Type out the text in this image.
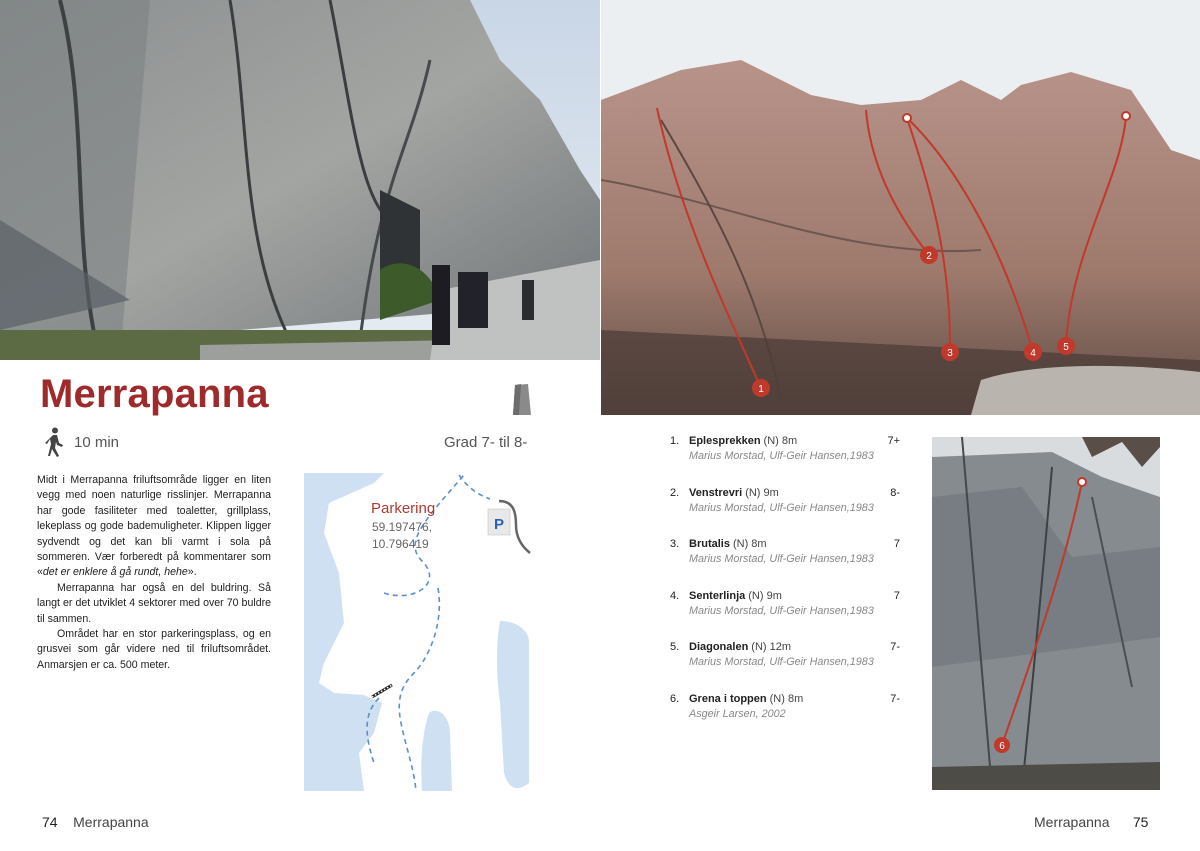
1
2
3	4
5
6
Merrapanna
10 min	Grad 7- til 8-

Midt i Merrapanna friluftsområde ligger en liten vegg med noen naturlige risslinjer. Merrapanna har gode fasiliteter med toaletter, grillplass, lekeplass og gode bademuligheter. Klippen ligger sydvendt og det kan bli varmt i sola på sommeren. Vær forberedt på kommentarer som «det er enklere å gå rundt, hehe».

Merrapanna har også en del buldring. Så langt er det utviklet 4 sektorer med over 70 buldre til sammen.

Området har en stor parkeringsplass, og en grusvei som går videre ned til friluftsområdet. Anmarsjen er ca. 500 meter.

P
Parkering
59.197476,
10.796419
1. Eplesprekken (N) 8m	7+
Marius Morstad, Ulf-Geir Hansen,1983
2. Venstrevri (N) 9m	8-
Marius Morstad, Ulf-Geir Hansen,1983
3. Brutalis (N) 8m	7
Marius Morstad, Ulf-Geir Hansen,1983
4. Senterlinja (N) 9m	7
Marius Morstad, Ulf-Geir Hansen,1983
5. Diagonalen (N) 12m	7-
Marius Morstad, Ulf-Geir Hansen,1983
6. Grena i toppen (N) 8m	7-
Asgeir Larsen, 2002
74 Merrapanna	Merrapanna 75
